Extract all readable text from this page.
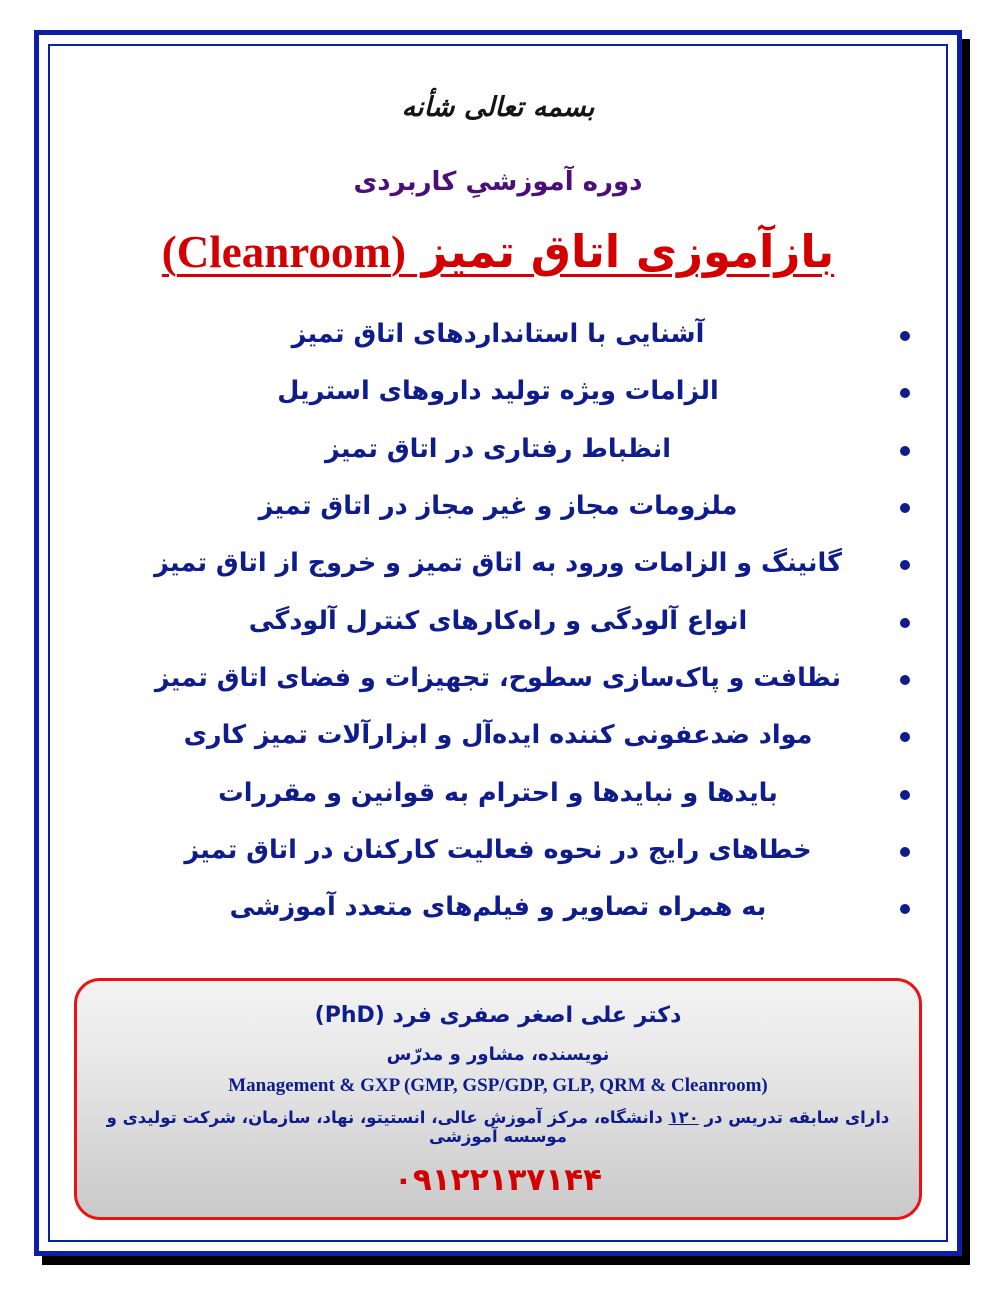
بسمه تعالی شأنه
دوره آموزشیِ کاربردی
بازآموزی اتاق تمیز (Cleanroom)
آشنایی با استانداردهای اتاق تمیز
الزامات ویژه تولید داروهای استریل
انظباط رفتاری در اتاق تمیز
ملزومات مجاز و غیر مجاز در اتاق تمیز
گانینگ و الزامات ورود به اتاق تمیز و خروج از اتاق تمیز
انواع آلودگی و راه‌کارهای کنترل آلودگی
نظافت و پاک‌سازی سطوح، تجهیزات و فضای اتاق تمیز
مواد ضدعفونی کننده ایده‌آل و ابزارآلات تمیز کاری
بایدها و نبایدها و احترام به قوانین و مقررات
خطاهای رایج در نحوه فعالیت کارکنان در اتاق تمیز
به همراه تصاویر و فیلم‌های متعدد آموزشی
دکتر علی اصغر صفری فرد (PhD)
نویسنده، مشاور و مدرّس
Management & GXP (GMP, GSP/GDP, GLP, QRM & Cleanroom)
دارای سابقه تدریس در ۱۲۰ دانشگاه، مرکز آموزش عالی، انستیتو، نهاد، سازمان، شرکت تولیدی و موسسه آموزشی
۰۹۱۲۲۱۳۷۱۴۴
